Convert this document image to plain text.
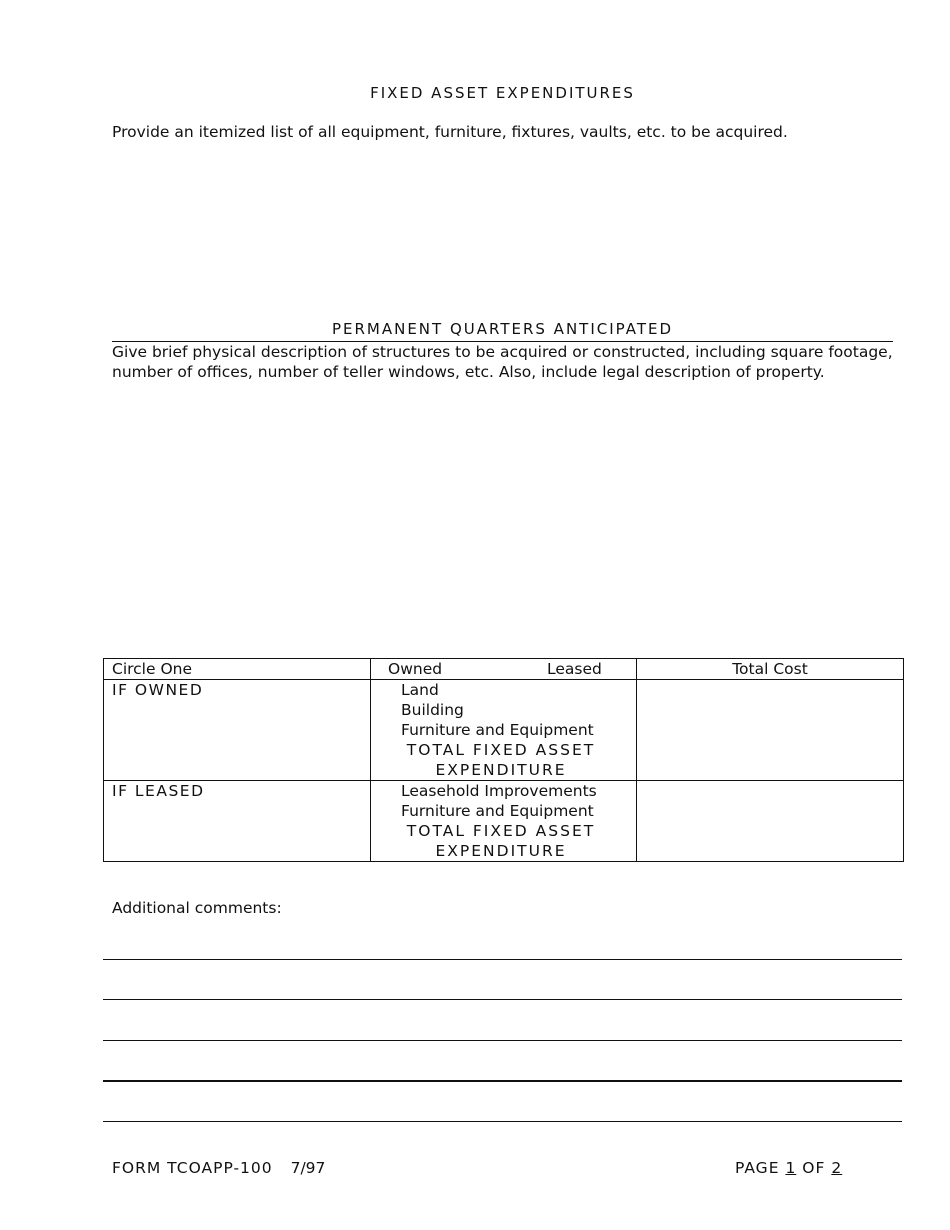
FIXED ASSET EXPENDITURES
Provide an itemized list of all equipment, furniture, fixtures, vaults, etc. to be acquired.
PERMANENT QUARTERS ANTICIPATED
Give brief physical description of structures to be acquired or constructed, including square footage,
number of offices, number of teller windows, etc. Also, include legal description of property.
Circle One	Owned Leased	Total Cost
IF OWNED	Land
Building
Furniture and Equipment
TOTAL FIXED ASSET
EXPENDITURE	

IF LEASED	Leasehold Improvements
Furniture and Equipment
TOTAL FIXED ASSET
EXPENDITURE	

Additional comments:
FORM TCOAPP-100 7/97	PAGE 1 OF 2
